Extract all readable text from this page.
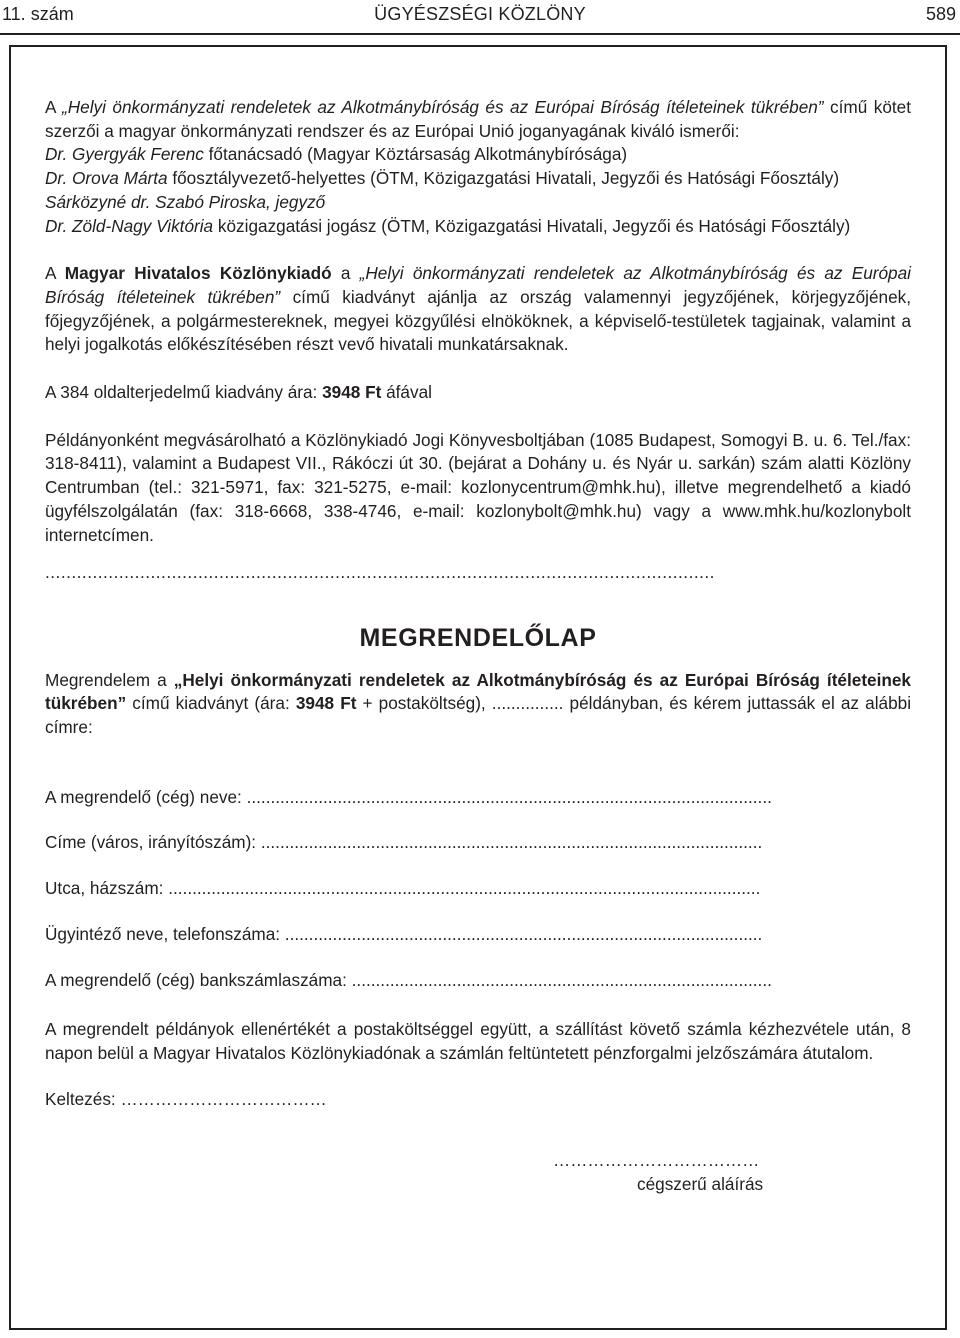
11. szám	ÜGYÉSZSÉGI KÖZLÖNY	589

A „Helyi önkormányzati rendeletek az Alkotmánybíróság és az Európai Bíróság ítéleteinek tükrében” című kötet szerzői a magyar önkormányzati rendszer és az Európai Unió joganyagának kiváló ismerői:

Dr. Gyergyák Ferenc főtanácsadó (Magyar Köztársaság Alkotmánybírósága)

Dr. Orova Márta főosztályvezető-helyettes (ÖTM, Közigazgatási Hivatali, Jegyzői és Hatósági Főosztály)

Sárközyné dr. Szabó Piroska, jegyző

Dr. Zöld-Nagy Viktória közigazgatási jogász (ÖTM, Közigazgatási Hivatali, Jegyzői és Hatósági Főosztály)

A Magyar Hivatalos Közlönykiadó a „Helyi önkormányzati rendeletek az Alkotmánybíróság és az Európai Bíróság ítéleteinek tükrében” című kiadványt ajánlja az ország valamennyi jegyzőjének, körjegyzőjének, főjegyzőjének, a polgármestereknek, megyei közgyűlési elnököknek, a képviselő-testületek tagjainak, valamint a helyi jogalkotás előkészítésében részt vevő hivatali munkatársaknak.

A 384 oldalterjedelmű kiadvány ára: 3948 Ft áfával

Példányonként megvásárolható a Közlönykiadó Jogi Könyvesboltjában (1085 Budapest, Somogyi B. u. 6. Tel./fax: 318-8411), valamint a Budapest VII., Rákóczi út 30. (bejárat a Dohány u. és Nyár u. sarkán) szám alatti Közlöny Centrumban (tel.: 321-5971, fax: 321-5275, e-mail: kozlonycentrum@mhk.hu), illetve megrendelhető a kiadó ügyfélszolgálatán (fax: 318-6668, 338-4746, e-mail: kozlonybolt@mhk.hu) vagy a www.mhk.hu/kozlonybolt internetcímen.

...............................................................................................................................

MEGRENDELŐLAP

Megrendelem a „Helyi önkormányzati rendeletek az Alkotmánybíróság és az Európai Bíróság ítéleteinek tükrében” című kiadványt (ára: 3948 Ft + postaköltség), ............... példányban, és kérem juttassák el az alábbi címre:

A megrendelő (cég) neve: ..............................................................................................................

Címe (város, irányítószám): .........................................................................................................

Utca, házszám: ............................................................................................................................

Ügyintéző neve, telefonszáma: ....................................................................................................

A megrendelő (cég) bankszámlaszáma: ........................................................................................

A megrendelt példányok ellenértékét a postaköltséggel együtt, a szállítást követő számla kézhezvétele után, 8 napon belül a Magyar Hivatalos Közlönykiadónak a számlán feltüntetett pénzforgalmi jelzőszámára átutalom.

Keltezés: ………………………………

………………………………

cégszerű aláírás
